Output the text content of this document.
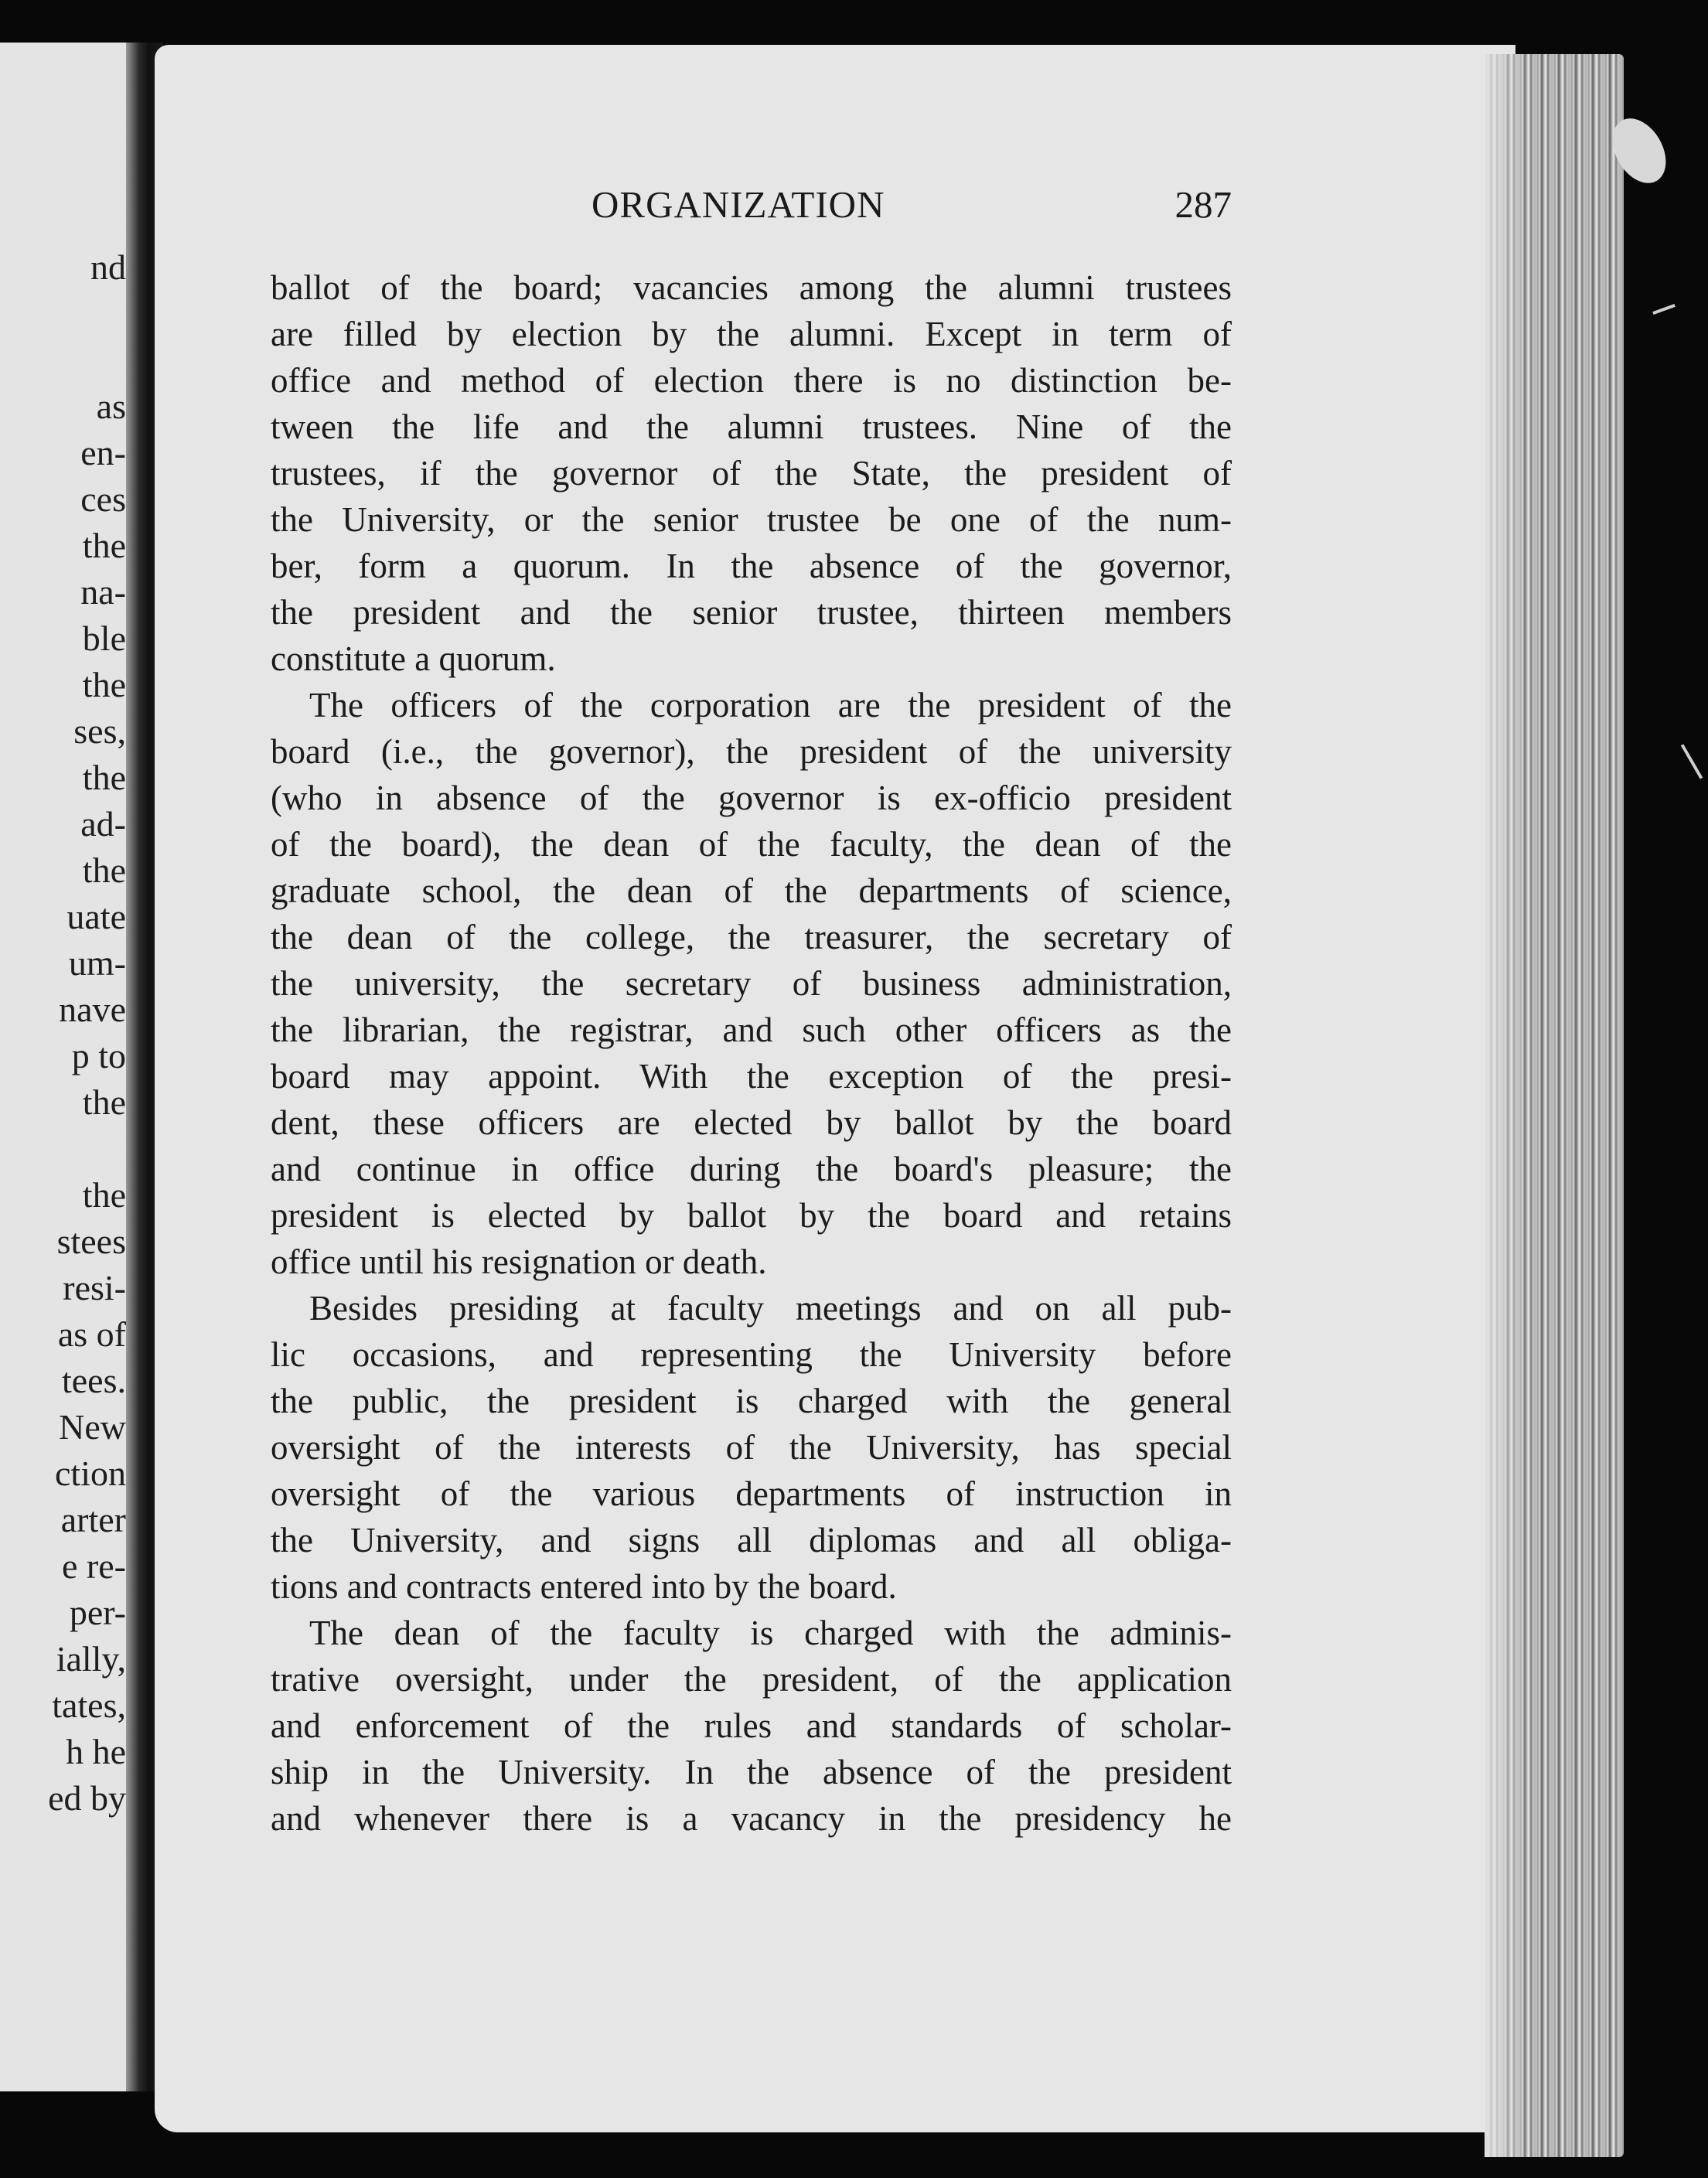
nd
as
en-
ces
the
na-
ble
the
ses,
the
ad-
the
uate
um-
nave
p to
the
the
stees
resi-
as of
tees.
New
ction
arter
e re-
per-
ially,
tates,
h he
ed by
ORGANIZATION	287
ballot of the board; vacancies among the alumni trustees
are filled by election by the alumni. Except in term of
office and method of election there is no distinction be-
tween the life and the alumni trustees. Nine of the
trustees, if the governor of the State, the president of
the University, or the senior trustee be one of the num-
ber, form a quorum. In the absence of the governor,
the president and the senior trustee, thirteen members
constitute a quorum.
The officers of the corporation are the president of the
board (i.e., the governor), the president of the university
(who in absence of the governor is ex-officio president
of the board), the dean of the faculty, the dean of the
graduate school, the dean of the departments of science,
the dean of the college, the treasurer, the secretary of
the university, the secretary of business administration,
the librarian, the registrar, and such other officers as the
board may appoint. With the exception of the presi-
dent, these officers are elected by ballot by the board
and continue in office during the board's pleasure; the
president is elected by ballot by the board and retains
office until his resignation or death.
Besides presiding at faculty meetings and on all pub-
lic occasions, and representing the University before
the public, the president is charged with the general
oversight of the interests of the University, has special
oversight of the various departments of instruction in
the University, and signs all diplomas and all obliga-
tions and contracts entered into by the board.
The dean of the faculty is charged with the adminis-
trative oversight, under the president, of the application
and enforcement of the rules and standards of scholar-
ship in the University. In the absence of the president
and whenever there is a vacancy in the presidency he
